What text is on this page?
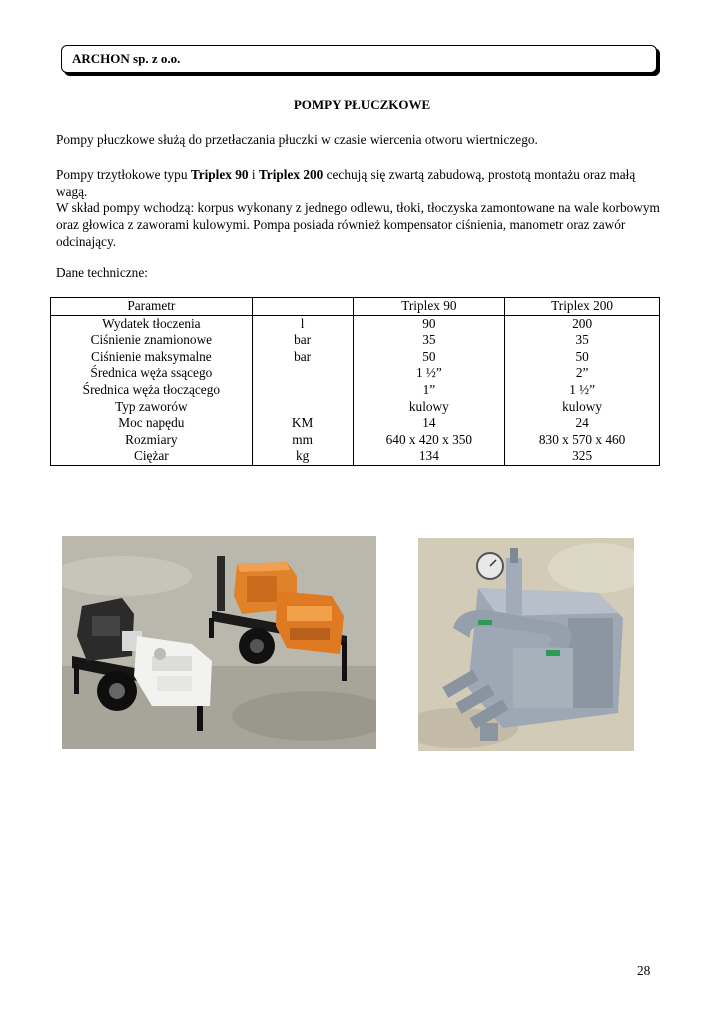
ARCHON sp. z o.o.
POMPY PŁUCZKOWE
Pompy płuczkowe służą do przetłaczania płuczki w czasie wiercenia otworu wiertniczego.
Pompy trzytłokowe typu Triplex 90 i Triplex 200 cechują się zwartą zabudową, prostotą montażu oraz małą wagą.
W skład pompy wchodzą: korpus wykonany z jednego odlewu, tłoki, tłoczyska zamontowane na wale korbowym oraz głowica z zaworami kulowymi. Pompa posiada również kompensator ciśnienia, manometr oraz zawór odcinający.
Dane techniczne:
Parametr		Triplex 90	Triplex 200
Wydatek tłoczenia	l	90	200
Ciśnienie znamionowe	bar	35	35
Ciśnienie maksymalne	bar	50	50
Średnica węża ssącego		1 ½”	2”
Średnica węża tłoczącego		1”	1 ½”
Typ zaworów		kulowy	kulowy
Moc napędu	KM	14	24
Rozmiary	mm	640 x 420 x 350	830 x 570 x 460
Ciężar	kg	134	325
28
